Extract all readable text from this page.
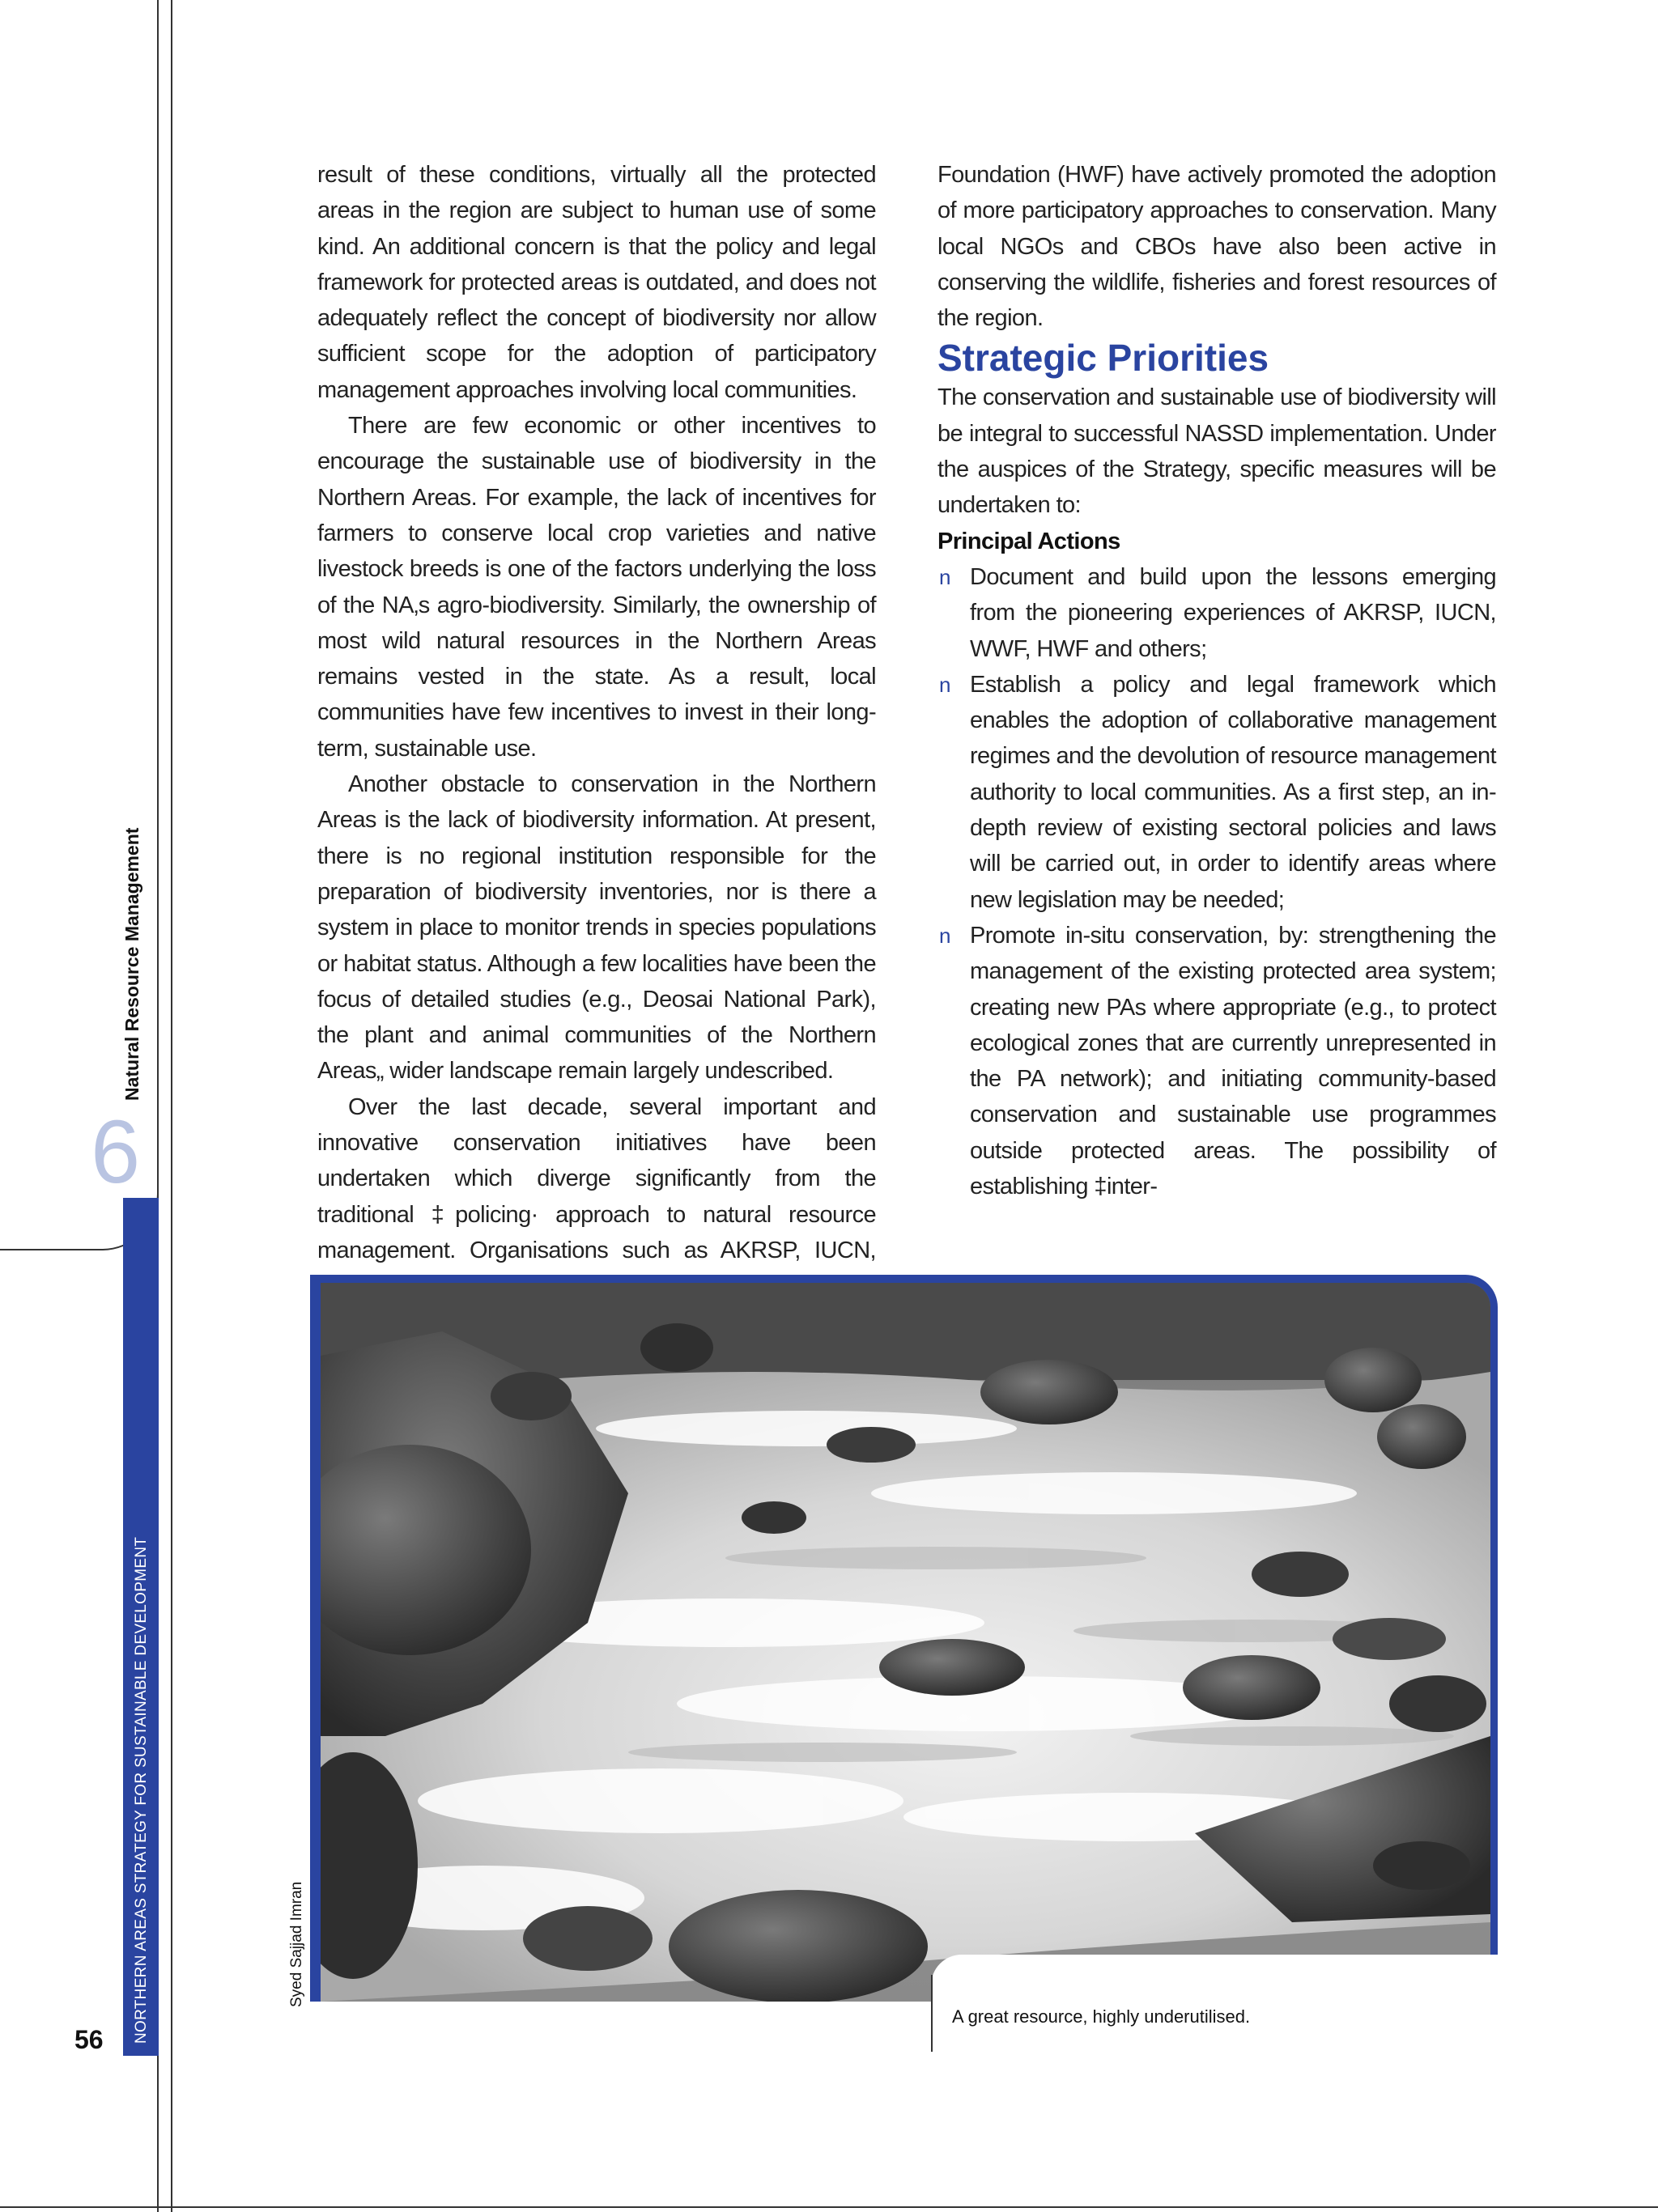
6
Natural Resource Management
NORTHERN AREAS STRATEGY FOR SUSTAINABLE DEVELOPMENT
56

result of these conditions, virtually all the protected areas in the region are subject to human use of some kind. An additional concern is that the policy and legal framework for protected areas is outdated, and does not adequately reflect the concept of biodiversity nor allow sufficient scope for the adoption of participatory management approaches involving local communities.

There are few economic or other incentives to encourage the sustainable use of biodiversity in the Northern Areas. For example, the lack of incentives for farmers to conserve local crop varieties and native livestock breeds is one of the factors underlying the loss of the NA‚s agro-biodiversity. Similarly, the ownership of most wild natural resources in the Northern Areas remains vested in the state. As a result, local communities have few incentives to invest in their long-term, sustainable use.

Another obstacle to conservation in the Northern Areas is the lack of biodiversity information. At present, there is no regional institution responsible for the preparation of biodiversity inventories, nor is there a system in place to monitor trends in species populations or habitat status. Although a few localities have been the focus of detailed studies (e.g., Deosai National Park), the plant and animal communities of the Northern Areas„ wider landscape remain largely undescribed.

Over the last decade, several important and innovative conservation initiatives have been undertaken which diverge significantly from the traditional ‡policing· approach to natural resource management. Organisations such as AKRSP, IUCN,

Foundation (HWF) have actively promoted the adoption of more participatory approaches to conservation. Many local NGOs and CBOs have also been active in conserving the wildlife, fisheries and forest resources of the region.

Strategic Priorities

The conservation and sustainable use of biodiversity will be integral to successful NASSD implementation. Under the auspices of the Strategy, specific measures will be undertaken to:

Principal Actions

n Document and build upon the lessons emerging from the pioneering experiences of AKRSP, IUCN, WWF, HWF and others;
n Establish a policy and legal framework which enables the adoption of collaborative management regimes and the devolution of resource management authority to local communities. As a first step, an in-depth review of existing sectoral policies and laws will be carried out, in order to identify areas where new legislation may be needed;
n Promote in-situ conservation, by: strengthening the management of the existing protected area system; creating new PAs where appropriate (e.g., to protect ecological zones that are currently unrepresented in the PA network); and initiating community-based conservation and sustainable use programmes outside protected areas. The possibility of establishing ‡inter-
A great resource, highly underutilised.
Syed Sajjad Imran
